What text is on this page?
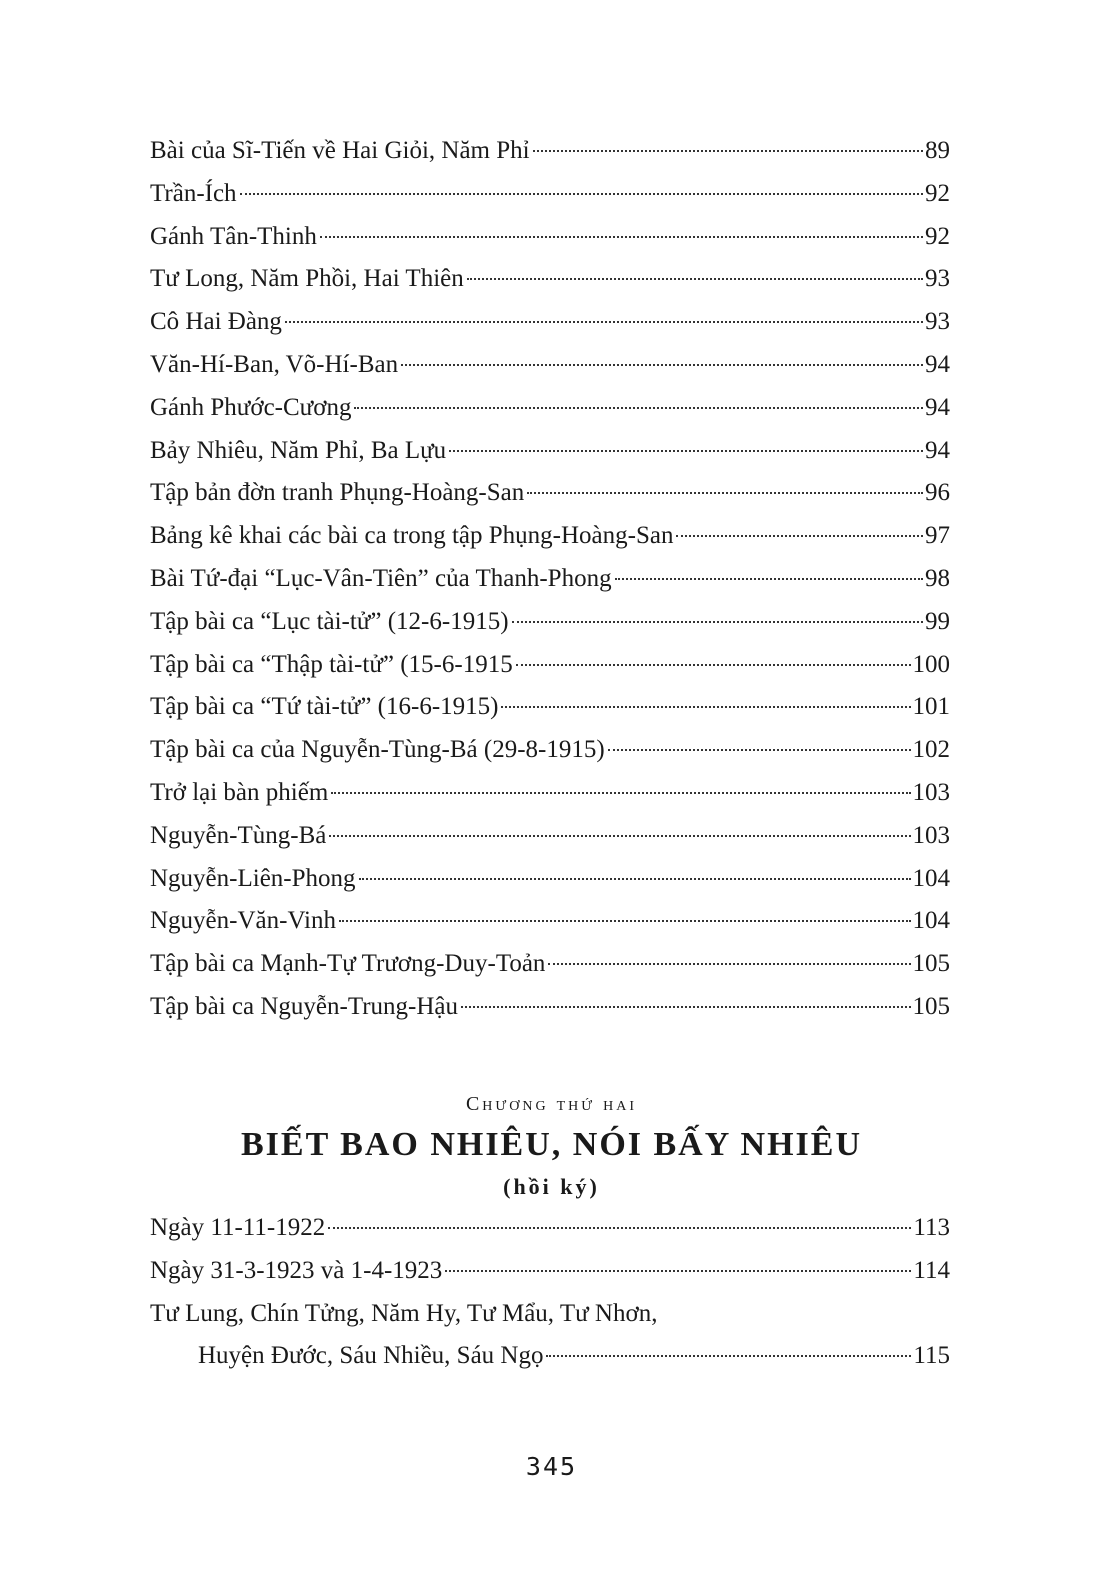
Bài của Sĩ-Tiến về Hai Giỏi, Năm Phỉ	89
Trần-Ích	92
Gánh Tân-Thinh	92
Tư Long, Năm Phồi, Hai Thiên	93
Cô Hai Đàng	93
Văn-Hí-Ban, Võ-Hí-Ban	94
Gánh Phước-Cương	94
Bảy Nhiêu, Năm Phỉ, Ba Lựu	94
Tập bản đờn tranh Phụng-Hoàng-San	96
Bảng kê khai các bài ca trong tập Phụng-Hoàng-San	97
Bài Tứ-đại “Lục-Vân-Tiên” của Thanh-Phong	98
Tập bài ca “Lục tài-tử” (12-6-1915)	99
Tập bài ca “Thập tài-tử” (15-6-1915	100
Tập bài ca “Tứ tài-tử” (16-6-1915)	101
Tập bài ca của Nguyễn-Tùng-Bá (29-8-1915)	102
Trở lại bàn phiếm	103
Nguyễn-Tùng-Bá	103
Nguyễn-Liên-Phong	104
Nguyễn-Văn-Vinh	104
Tập bài ca Mạnh-Tự Trương-Duy-Toản	105
Tập bài ca Nguyễn-Trung-Hậu	105
Chương thứ hai
BIẾT BAO NHIÊU, NÓI BẤY NHIÊU
(hồi ký)
Ngày 11-11-1922	113
Ngày 31-3-1923 và 1-4-1923	114
Tư Lung, Chín Tửng, Năm Hy, Tư Mẩu, Tư Nhơn,
Huyện Đước, Sáu Nhiều, Sáu Ngọ	115
345
